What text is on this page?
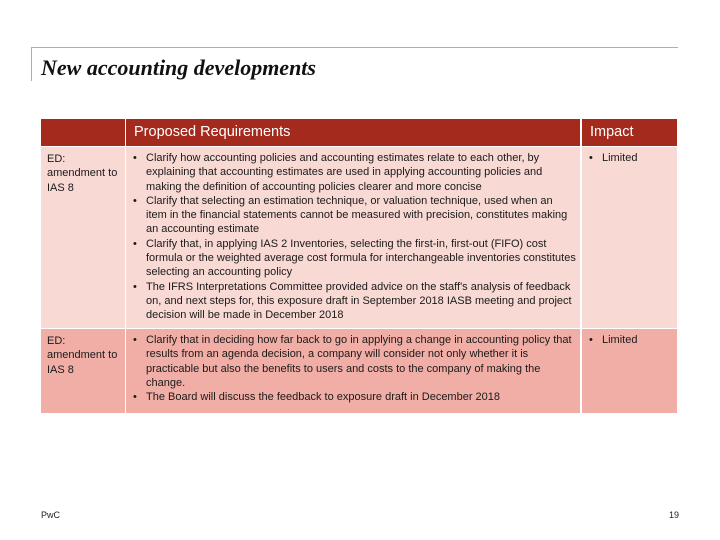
New accounting developments
Proposed Requirements	Impact
ED: amendment to IAS 8
• Clarify how accounting policies and accounting estimates relate to each other, by explaining that accounting estimates are used in applying accounting policies and making the definition of accounting policies clearer and more concise
• Clarify that selecting an estimation technique, or valuation technique, used when an item in the financial statements cannot be measured with precision, constitutes making an accounting estimate
• Clarify that, in applying IAS 2 Inventories, selecting the first-in, first-out (FIFO) cost formula or the weighted average cost formula for interchangeable inventories constitutes selecting an accounting policy
• The IFRS Interpretations Committee provided advice on the staff's analysis of feedback on, and next steps for, this exposure draft in September 2018 IASB meeting and project decision will be made in December 2018
• Limited
ED: amendment to IAS 8
• Clarify that in deciding how far back to go in applying a change in accounting policy that results from an agenda decision, a company will consider not only whether it is practicable but also the benefits to users and costs to the company of making the change.
• The Board will discuss the feedback to exposure draft in December 2018
• Limited
PwC	19
